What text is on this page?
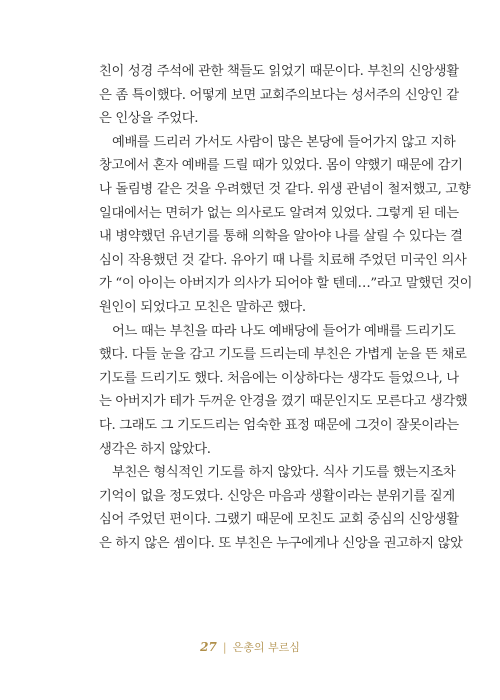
친이 성경 주석에 관한 책들도 읽었기 때문이다. 부친의 신앙생활
은 좀 특이했다. 어떻게 보면 교회주의보다는 성서주의 신앙인 같
은 인상을 주었다.
예배를 드리러 가서도 사람이 많은 본당에 들어가지 않고 지하
창고에서 혼자 예배를 드릴 때가 있었다. 몸이 약했기 때문에 감기
나 돌림병 같은 것을 우려했던 것 같다. 위생 관념이 철저했고, 고향
일대에서는 면허가 없는 의사로도 알려져 있었다. 그렇게 된 데는
내 병약했던 유년기를 통해 의학을 알아야 나를 살릴 수 있다는 결
심이 작용했던 것 같다. 유아기 때 나를 치료해 주었던 미국인 의사
가 “이 아이는 아버지가 의사가 되어야 할 텐데…”라고 말했던 것이
원인이 되었다고 모친은 말하곤 했다.
어느 때는 부친을 따라 나도 예배당에 들어가 예배를 드리기도
했다. 다들 눈을 감고 기도를 드리는데 부친은 가볍게 눈을 뜬 채로
기도를 드리기도 했다. 처음에는 이상하다는 생각도 들었으나, 나
는 아버지가 테가 두꺼운 안경을 꼈기 때문인지도 모른다고 생각했
다. 그래도 그 기도드리는 엄숙한 표정 때문에 그것이 잘못이라는
생각은 하지 않았다.
부친은 형식적인 기도를 하지 않았다. 식사 기도를 했는지조차
기억이 없을 정도였다. 신앙은 마음과 생활이라는 분위기를 짙게
심어 주었던 편이다. 그랬기 때문에 모친도 교회 중심의 신앙생활
은 하지 않은 셈이다. 또 부친은 누구에게나 신앙을 권고하지 않았
27 | 은총의 부르심
